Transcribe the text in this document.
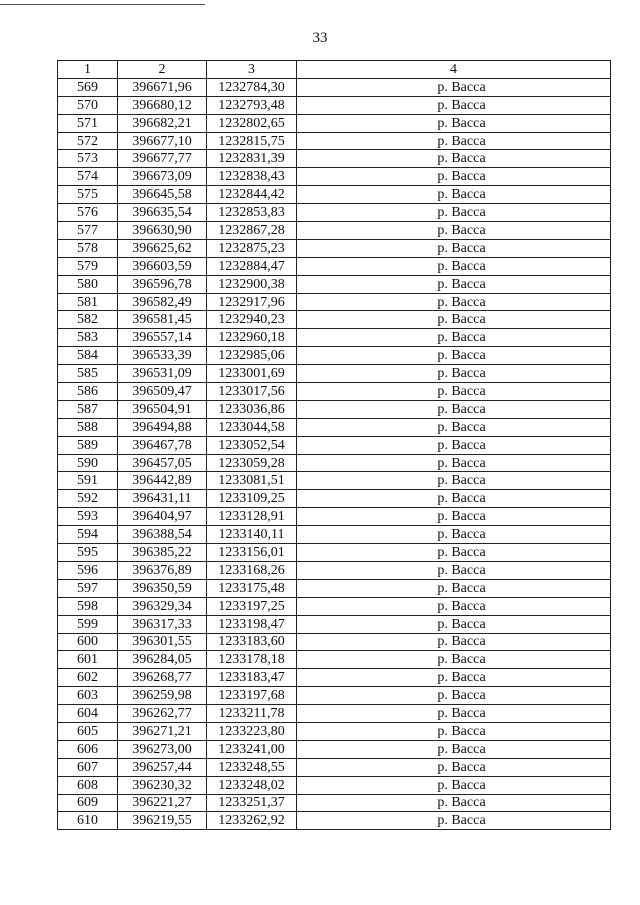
33
1	2	3	4
569	396671,96	1232784,30	р. Васса
570	396680,12	1232793,48	р. Васса
571	396682,21	1232802,65	р. Васса
572	396677,10	1232815,75	р. Васса
573	396677,77	1232831,39	р. Васса
574	396673,09	1232838,43	р. Васса
575	396645,58	1232844,42	р. Васса
576	396635,54	1232853,83	р. Васса
577	396630,90	1232867,28	р. Васса
578	396625,62	1232875,23	р. Васса
579	396603,59	1232884,47	р. Васса
580	396596,78	1232900,38	р. Васса
581	396582,49	1232917,96	р. Васса
582	396581,45	1232940,23	р. Васса
583	396557,14	1232960,18	р. Васса
584	396533,39	1232985,06	р. Васса
585	396531,09	1233001,69	р. Васса
586	396509,47	1233017,56	р. Васса
587	396504,91	1233036,86	р. Васса
588	396494,88	1233044,58	р. Васса
589	396467,78	1233052,54	р. Васса
590	396457,05	1233059,28	р. Васса
591	396442,89	1233081,51	р. Васса
592	396431,11	1233109,25	р. Васса
593	396404,97	1233128,91	р. Васса
594	396388,54	1233140,11	р. Васса
595	396385,22	1233156,01	р. Васса
596	396376,89	1233168,26	р. Васса
597	396350,59	1233175,48	р. Васса
598	396329,34	1233197,25	р. Васса
599	396317,33	1233198,47	р. Васса
600	396301,55	1233183,60	р. Васса
601	396284,05	1233178,18	р. Васса
602	396268,77	1233183,47	р. Васса
603	396259,98	1233197,68	р. Васса
604	396262,77	1233211,78	р. Васса
605	396271,21	1233223,80	р. Васса
606	396273,00	1233241,00	р. Васса
607	396257,44	1233248,55	р. Васса
608	396230,32	1233248,02	р. Васса
609	396221,27	1233251,37	р. Васса
610	396219,55	1233262,92	р. Васса
